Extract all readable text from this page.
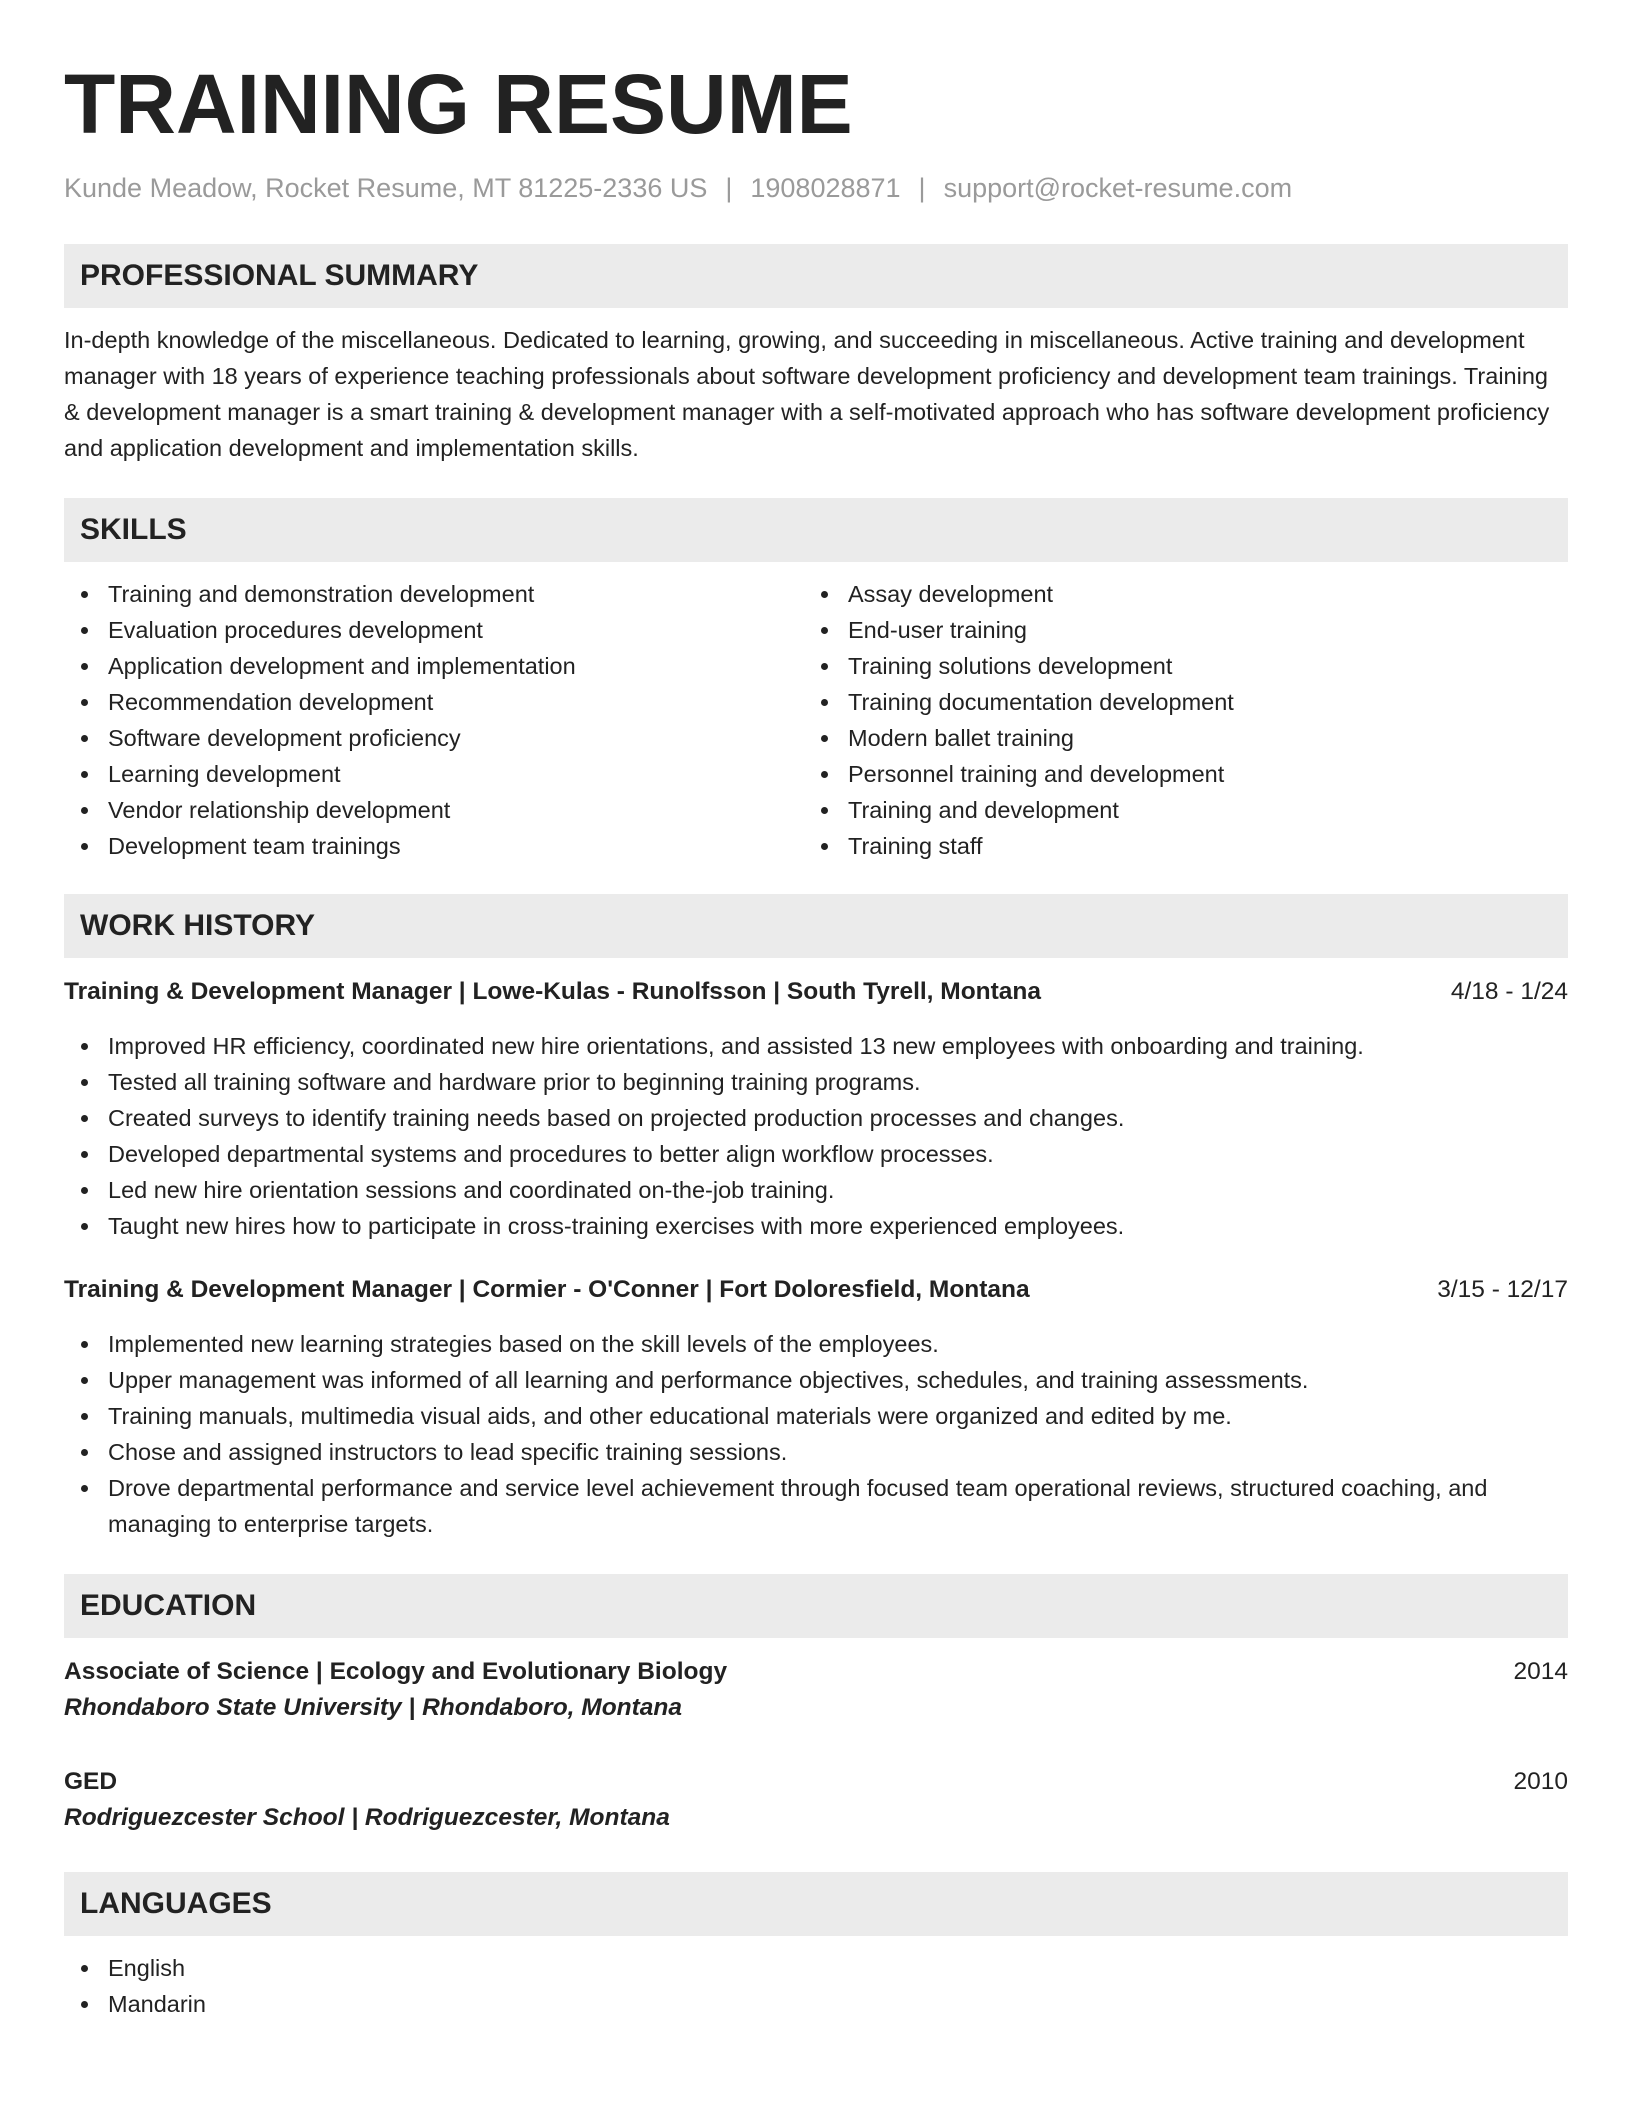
TRAINING RESUME
Kunde Meadow, Rocket Resume, MT 81225-2336 US | 1908028871 | support@rocket-resume.com
PROFESSIONAL SUMMARY
In-depth knowledge of the miscellaneous. Dedicated to learning, growing, and succeeding in miscellaneous. Active training and development manager with 18 years of experience teaching professionals about software development proficiency and development team trainings. Training & development manager is a smart training & development manager with a self-motivated approach who has software development proficiency and application development and implementation skills.
SKILLS
Training and demonstration development
Evaluation procedures development
Application development and implementation
Recommendation development
Software development proficiency
Learning development
Vendor relationship development
Development team trainings
Assay development
End-user training
Training solutions development
Training documentation development
Modern ballet training
Personnel training and development
Training and development
Training staff
WORK HISTORY
Training & Development Manager | Lowe-Kulas - Runolfsson | South Tyrell, Montana	4/18 - 1/24
Improved HR efficiency, coordinated new hire orientations, and assisted 13 new employees with onboarding and training.
Tested all training software and hardware prior to beginning training programs.
Created surveys to identify training needs based on projected production processes and changes.
Developed departmental systems and procedures to better align workflow processes.
Led new hire orientation sessions and coordinated on-the-job training.
Taught new hires how to participate in cross-training exercises with more experienced employees.
Training & Development Manager | Cormier - O'Conner | Fort Doloresfield, Montana	3/15 - 12/17
Implemented new learning strategies based on the skill levels of the employees.
Upper management was informed of all learning and performance objectives, schedules, and training assessments.
Training manuals, multimedia visual aids, and other educational materials were organized and edited by me.
Chose and assigned instructors to lead specific training sessions.
Drove departmental performance and service level achievement through focused team operational reviews, structured coaching, and managing to enterprise targets.
EDUCATION
Associate of Science | Ecology and Evolutionary Biology	2014
Rhondaboro State University | Rhondaboro, Montana
GED	2010
Rodriguezcester School | Rodriguezcester, Montana
LANGUAGES
English
Mandarin
